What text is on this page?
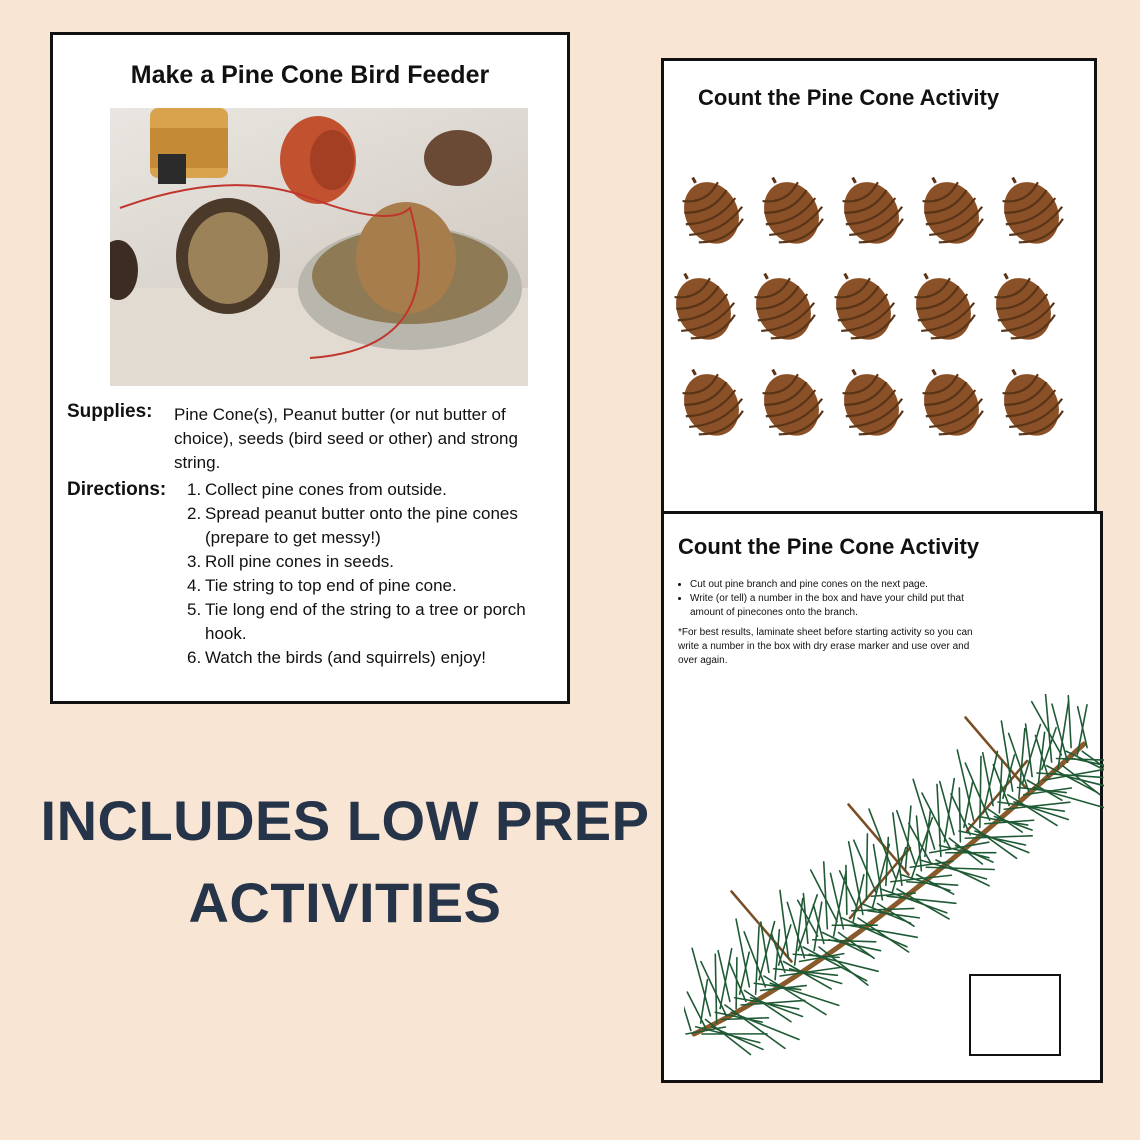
Make a Pine Cone Bird Feeder
Supplies: Pine Cone(s), Peanut butter (or nut butter of choice), seeds (bird seed or other) and strong string.
Directions: Collect pine cones from outside.
Spread peanut butter onto the pine cones (prepare to get messy!)
Roll pine cones in seeds.
Tie string to top end of pine cone.
Tie long end of the string to a tree or porch hook.
Watch the birds (and squirrels) enjoy!
Count the Pine Cone Activity
Count the Pine Cone Activity
• Cut out pine branch and pine cones on the next page.
• Write (or tell) a number in the box and have your child put that amount of pinecones onto the branch.

*For best results, laminate sheet before starting activity so you can write a number in the box with dry erase marker and use over and over again.

INCLUDES LOW PREP
ACTIVITIES
